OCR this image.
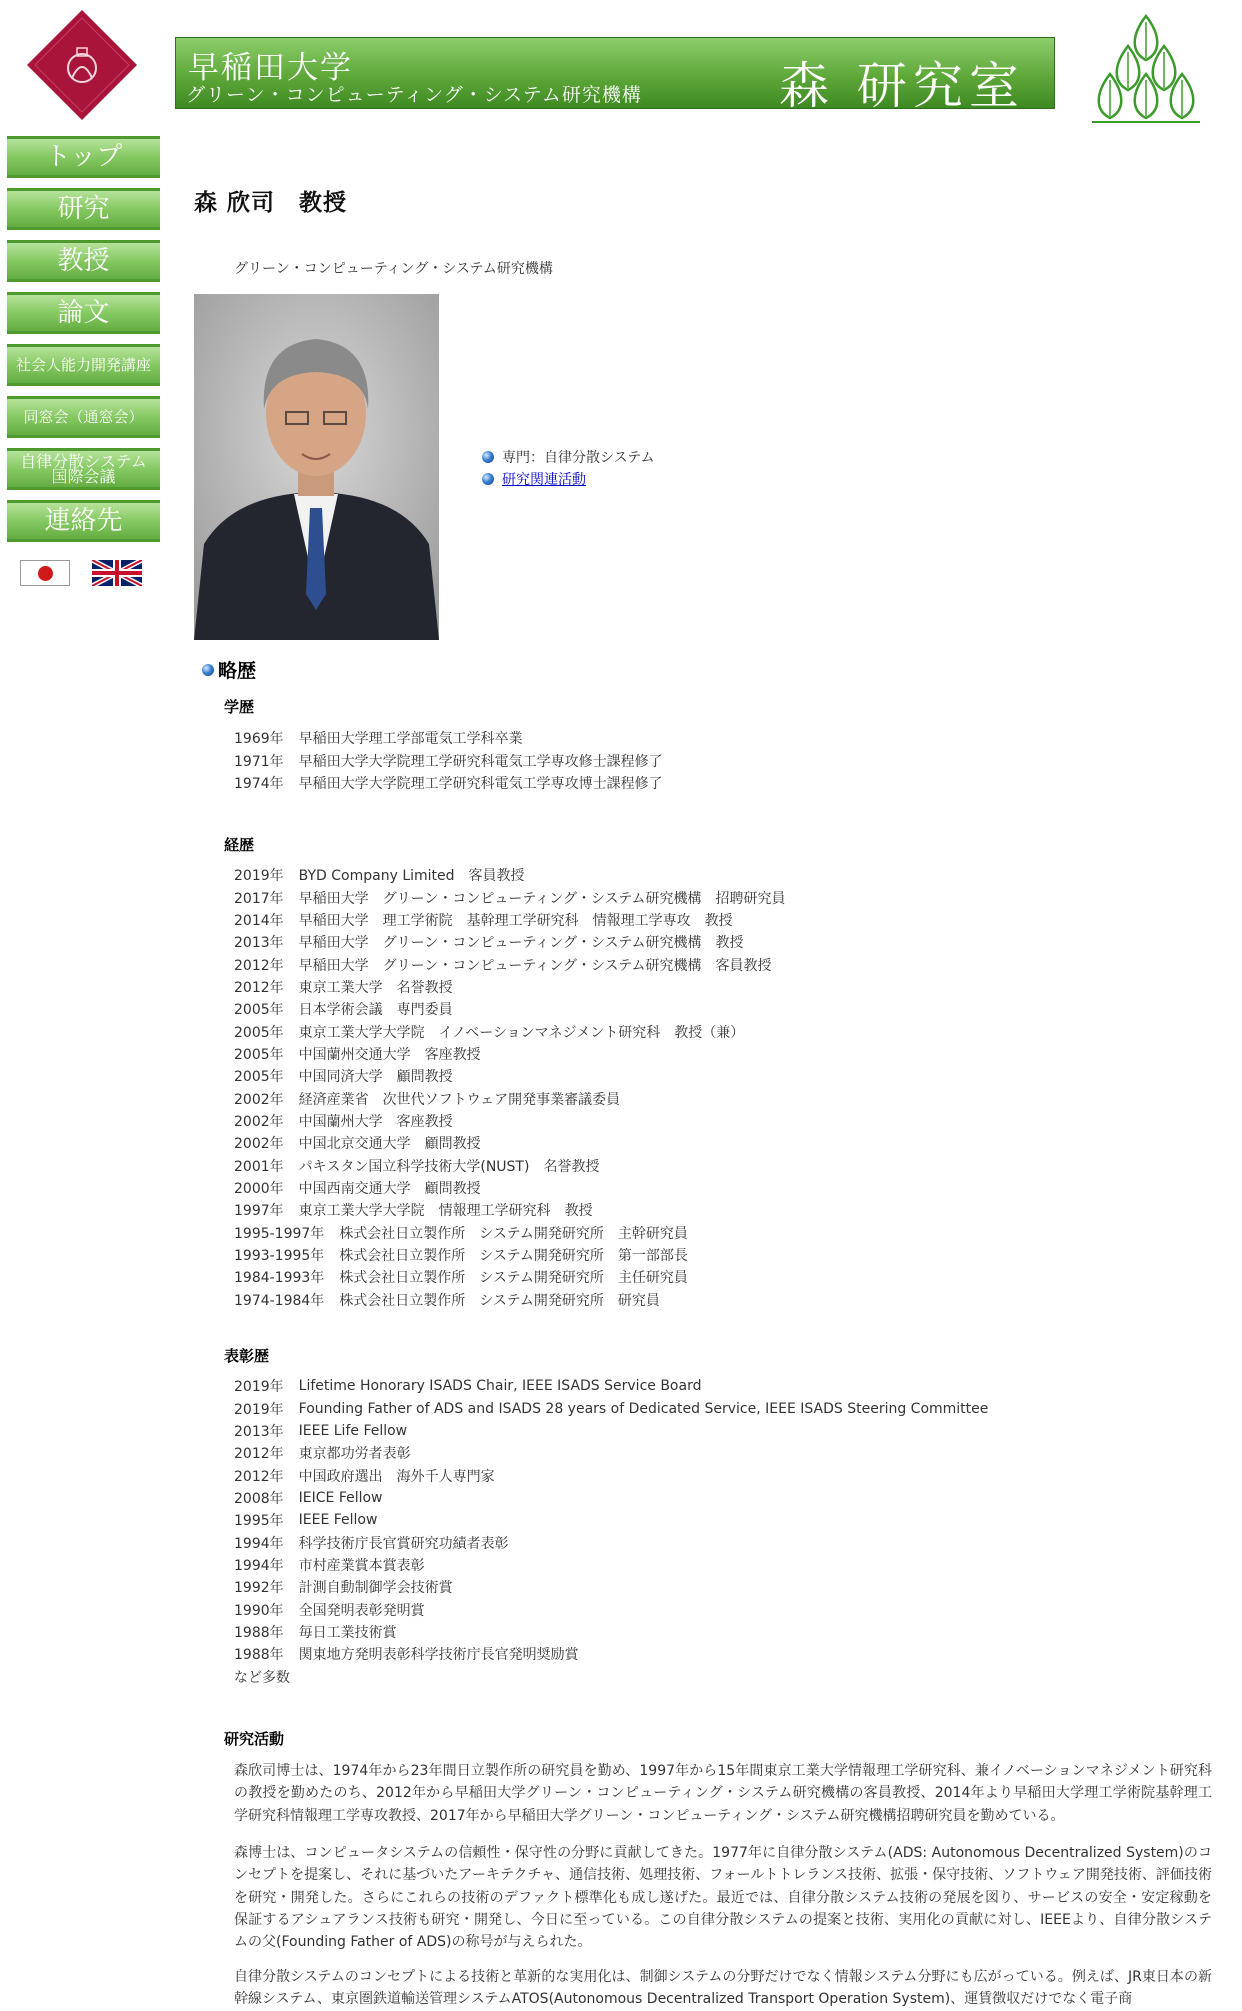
早稲田大学
グリーン・コンピューティング・システム研究機構	森 研究室
トップ
研究
教授
論文
社会人能力開発講座
同窓会（通窓会）
自律分散システム
国際会議
連絡先
森 欣司　教授
グリーン・コンピューティング・システム研究機構
専門：自律分散システム
研究関連活動
略歴
学歴
1969年 早稲田大学理工学部電気工学科卒業
1971年 早稲田大学大学院理工学研究科電気工学専攻修士課程修了
1974年 早稲田大学大学院理工学研究科電気工学専攻博士課程修了
経歴
2019年 BYD Company Limited　客員教授
2017年 早稲田大学　グリーン・コンピューティング・システム研究機構　招聘研究員
2014年 早稲田大学　理工学術院　基幹理工学研究科　情報理工学専攻　教授
2013年 早稲田大学　グリーン・コンピューティング・システム研究機構　教授
2012年 早稲田大学　グリーン・コンピューティング・システム研究機構　客員教授
2012年 東京工業大学　名誉教授
2005年 日本学術会議　専門委員
2005年 東京工業大学大学院　イノベーションマネジメント研究科　教授（兼）
2005年 中国蘭州交通大学　客座教授
2005年 中国同済大学　顧問教授
2002年 経済産業省　次世代ソフトウェア開発事業審議委員
2002年 中国蘭州大学　客座教授
2002年 中国北京交通大学　顧問教授
2001年 パキスタン国立科学技術大学(NUST)　名誉教授
2000年 中国西南交通大学　顧問教授
1997年 東京工業大学大学院　情報理工学研究科　教授
1995-1997年 株式会社日立製作所　システム開発研究所　主幹研究員
1993-1995年 株式会社日立製作所　システム開発研究所　第一部部長
1984-1993年 株式会社日立製作所　システム開発研究所　主任研究員
1974-1984年 株式会社日立製作所　システム開発研究所　研究員
表彰歴
2019年 Lifetime Honorary ISADS Chair, IEEE ISADS Service Board
2019年 Founding Father of ADS and ISADS 28 years of Dedicated Service, IEEE ISADS Steering Committee
2013年 IEEE Life Fellow
2012年 東京都功労者表彰
2012年 中国政府選出　海外千人専門家
2008年 IEICE Fellow
1995年 IEEE Fellow
1994年 科学技術庁長官賞研究功績者表彰
1994年 市村産業賞本賞表彰
1992年 計測自動制御学会技術賞
1990年 全国発明表彰発明賞
1988年 毎日工業技術賞
1988年 関東地方発明表彰科学技術庁長官発明奨励賞
など多数
研究活動
森欣司博士は、1974年から23年間日立製作所の研究員を勤め、1997年から15年間東京工業大学情報理工学研究科、兼イノベーションマネジメント研究科の教授を勤めたのち、2012年から早稲田大学グリーン・コンピューティング・システム研究機構の客員教授、2014年より早稲田大学理工学術院基幹理工学研究科情報理工学専攻教授、2017年から早稲田大学グリーン・コンピューティング・システム研究機構招聘研究員を勤めている。
森博士は、コンピュータシステムの信頼性・保守性の分野に貢献してきた。1977年に自律分散システム(ADS: Autonomous Decentralized System)のコンセプトを提案し、それに基づいたアーキテクチャ、通信技術、処理技術、フォールトトレランス技術、拡張・保守技術、ソフトウェア開発技術、評価技術を研究・開発した。さらにこれらの技術のデファクト標準化も成し遂げた。最近では、自律分散システム技術の発展を図り、サービスの安全・安定稼動を保証するアシュアランス技術も研究・開発し、今日に至っている。この自律分散システムの提案と技術、実用化の貢献に対し、IEEEより、自律分散システムの父(Founding Father of ADS)の称号が与えられた。
自律分散システムのコンセプトによる技術と革新的な実用化は、制御システムの分野だけでなく情報システム分野にも広がっている。例えば、JR東日本の新幹線システム、東京圏鉄道輸送管理システムATOS(Autonomous Decentralized Transport Operation System)、運賃徴収だけでなく電子商
